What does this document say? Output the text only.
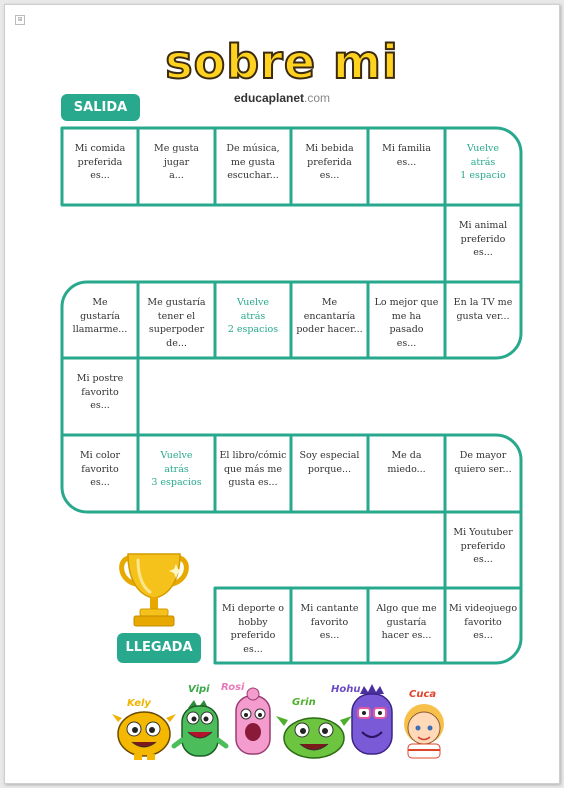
⊞
sobre mi
educaplanet.com
SALIDA
LLEGADA
Mi comida
preferida
es...
Me gusta
jugar
a...
De música,
me gusta
escuchar...
Mi bebida
preferida
es...
Mi familia
es...
Vuelve
atrás
1 espacio
Mi animal
preferido
es...
Me
gustaría
llamarme...
Me gustaría
tener el
superpoder
de...
Vuelve
atrás
2 espacios
Me
encantaría
poder hacer...
Lo mejor que
me ha
pasado
es...
En la TV me
gusta ver...
Mi postre
favorito
es...
Mi color
favorito
es...
Vuelve
atrás
3 espacios
El libro/cómic
que más me
gusta es...
Soy especial
porque...
Me da
miedo...
De mayor
quiero ser...
Mi Youtuber
preferido
es...
Mi deporte o
hobby
preferido
es...
Mi cantante
favorito
es...
Algo que me
gustaría
hacer es...
Mi videojuego
favorito
es...
Kely
Vipi Rosi
Grin
Hohu	Cuca
